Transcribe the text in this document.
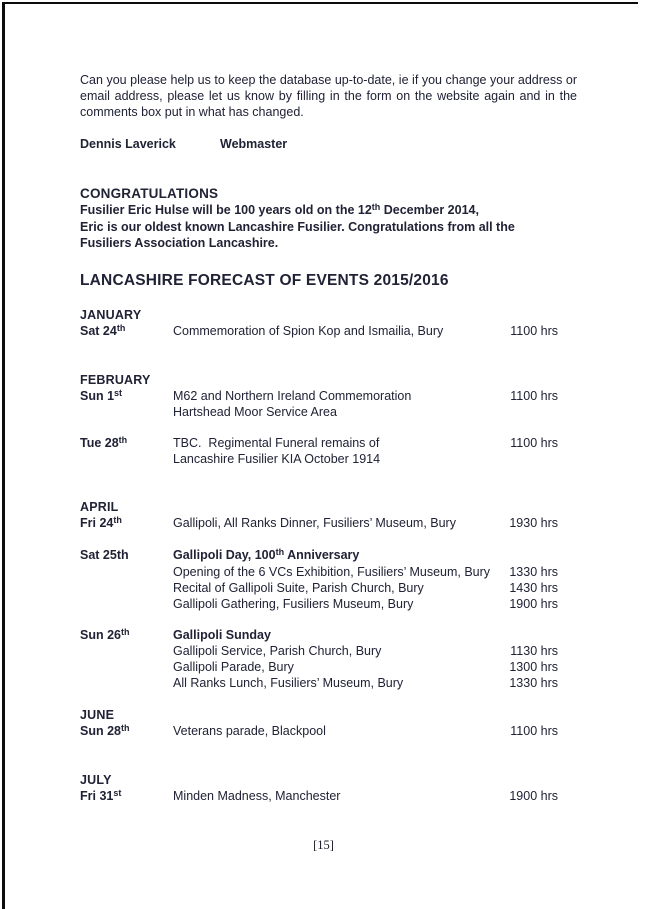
Can you please help us to keep the database up-to-date, ie if you change your address or email address, please let us know by filling in the form on the website again and in the comments box put in what has changed.

Dennis Laverick	Webmaster
CONGRATULATIONS
Fusilier Eric Hulse will be 100 years old on the 12th December 2014,
Eric is our oldest known Lancashire Fusilier. Congratulations from all the
Fusiliers Association Lancashire.
LANCASHIRE FORECAST OF EVENTS 2015/2016
JANUARY
Sat 24th	Commemoration of Spion Kop and Ismailia, Bury	1100 hrs
FEBRUARY
Sun 1st	M62 and Northern Ireland Commemoration	1100 hrs
Hartshead Moor Service Area
Tue 28th	TBC.  Regimental Funeral remains of	1100 hrs
Lancashire Fusilier KIA October 1914
APRIL
Fri 24th	Gallipoli, All Ranks Dinner, Fusiliers’ Museum, Bury	1930 hrs
Sat 25th	Gallipoli Day, 100th Anniversary
Opening of the 6 VCs Exhibition, Fusiliers’ Museum, Bury	1330 hrs
Recital of Gallipoli Suite, Parish Church, Bury	1430 hrs
Gallipoli Gathering, Fusiliers Museum, Bury	1900 hrs
Sun 26th	Gallipoli Sunday
Gallipoli Service, Parish Church, Bury	1130 hrs
Gallipoli Parade, Bury	1300 hrs
All Ranks Lunch, Fusiliers’ Museum, Bury	1330 hrs
JUNE
Sun 28th	Veterans parade, Blackpool	1100 hrs
JULY
Fri 31st	Minden Madness, Manchester	1900 hrs
[15]
